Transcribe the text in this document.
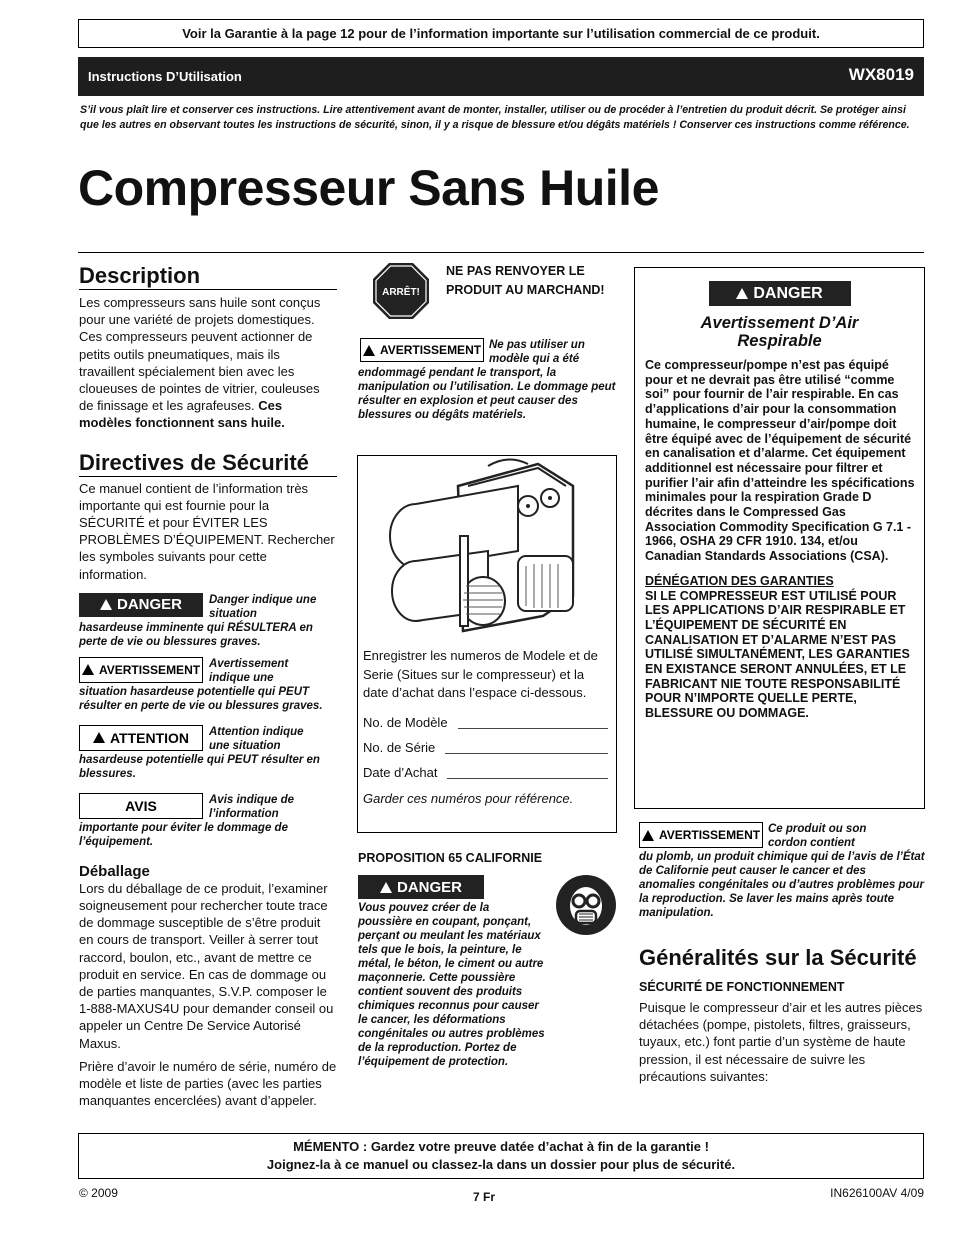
Voir la Garantie à la page 12 pour de l’information importante sur l’utilisation commercial de ce produit.
Instructions D’Utilisation	WX8019
S’il vous plaît lire et conserver ces instructions. Lire attentivement avant de monter, installer, utiliser ou de procéder à l’entretien du produit décrit. Se protéger ainsi que les autres en observant toutes les instructions de sécurité, sinon, il y a risque de blessure et/ou dégâts matériels ! Conserver ces instructions comme référence.
Compresseur Sans Huile
Description
Les compresseurs sans huile sont conçus pour une variété de projets domestiques. Ces compresseurs peuvent actionner de petits outils pneumatiques, mais ils travaillent spécialement bien avec les cloueuses de pointes de vitrier, couleuses de finissage et les agrafeuses. Ces modèles fonctionnent sans huile.
Directives de Sécurité
Ce manuel contient de l’information très importante qui est fournie pour la SÉCURITÉ et pour ÉVITER LES PROBLÈMES D’ÉQUIPEMENT. Rechercher les symboles suivants pour cette information.
DANGER Danger indique une situation
hasardeuse imminente qui RÉSULTERA en perte de vie ou blessures graves.
AVERTISSEMENT Avertissement indique une
situation hasardeuse potentielle qui PEUT résulter en perte de vie ou blessures graves.
ATTENTION Attention indique une situation
hasardeuse potentielle qui PEUT résulter en blessures.
AVIS	Avis indique de l’information
importante pour éviter le dommage de l’équipement.
Déballage
Lors du déballage de ce produit, l’examiner soigneusement pour rechercher toute trace de dommage susceptible de s’être produit en cours de transport. Veiller à serrer tout raccord, boulon, etc., avant de mettre ce produit en service. En cas de dommage ou de parties manquantes, S.V.P. composer le 1-888-MAXUS4U pour demander conseil ou appeler un Centre De Service Autorisé Maxus.
Prière d’avoir le numéro de série, numéro de modèle et liste de parties (avec les parties manquantes encerclées) avant d’appeler.
ARRÊT!
NE PAS RENVOYER LE PRODUIT AU MARCHAND!
AVERTISSEMENT Ne pas utiliser un modèle qui a été
endommagé pendant le transport, la manipulation ou l’utilisation. Le dommage peut résulter en explosion et peut causer des blessures ou dégâts matériels.
Enregistrer les numeros de Modele et de Serie (Situes sur le compresseur) et la date d’achat dans l’espace ci-dessous.
No. de Modèle
No. de Série
Date d’Achat
Garder ces numéros pour référence.
PROPOSITION 65 CALIFORNIE
DANGER
Vous pouvez créer de la poussière en coupant, ponçant, perçant ou meulant les matériaux tels que le bois, la peinture, le métal, le béton, le ciment ou autre maçonnerie. Cette poussière contient souvent des produits chimiques reconnus pour causer le cancer, les déformations congénitales ou autres problèmes de la reproduction. Portez de l’équipement de protection.
DANGER
Avertissement D’Air Respirable
Ce compresseur/pompe n’est pas équipé pour et ne devrait pas être utilisé “comme soi” pour fournir de l’air respirable. En cas d’applications d’air pour la consommation humaine, le compresseur d’air/pompe doit être équipé avec de l’équipement de sécurité en canalisation et d’alarme. Cet équipement additionnel est nécessaire pour filtrer et purifier l’air afin d’atteindre les spécifications minimales pour la respiration Grade D décrites dans le Compressed Gas Association Commodity Specification G 7.1 - 1966, OSHA 29 CFR 1910. 134, et/ou Canadian Standards Associations (CSA).
DÉNÉGATION DES GARANTIES
SI LE COMPRESSEUR EST UTILISÉ POUR LES APPLICATIONS D’AIR RESPIRABLE ET L’ÉQUIPEMENT DE SÉCURITÉ EN CANALISATION ET D’ALARME N’EST PAS UTILISÉ SIMULTANÉMENT, LES GARANTIES EN EXISTANCE SERONT ANNULÉES, ET LE FABRICANT NIE TOUTE RESPONSABILITÉ POUR N’IMPORTE QUELLE PERTE, BLESSURE OU DOMMAGE.
AVERTISSEMENT Ce produit ou son cordon contient
du plomb, un produit chimique qui de l’avis de l’État de Californie peut causer le cancer et des anomalies congénitales ou d’autres problèmes pour la reproduction. Se laver les mains après toute manipulation.
Généralités sur la Sécurité
SÉCURITÉ DE FONCTIONNEMENT
Puisque le compresseur d’air et les autres pièces détachées (pompe, pistolets, filtres, graisseurs, tuyaux, etc.) font partie d’un système de haute pression, il est nécessaire de suivre les précautions suivantes:
MÉMENTO : Gardez votre preuve datée d’achat à fin de la garantie !
Joignez-la à ce manuel ou classez-la dans un dossier pour plus de sécurité.
© 2009	7 Fr	IN626100AV 4/09
